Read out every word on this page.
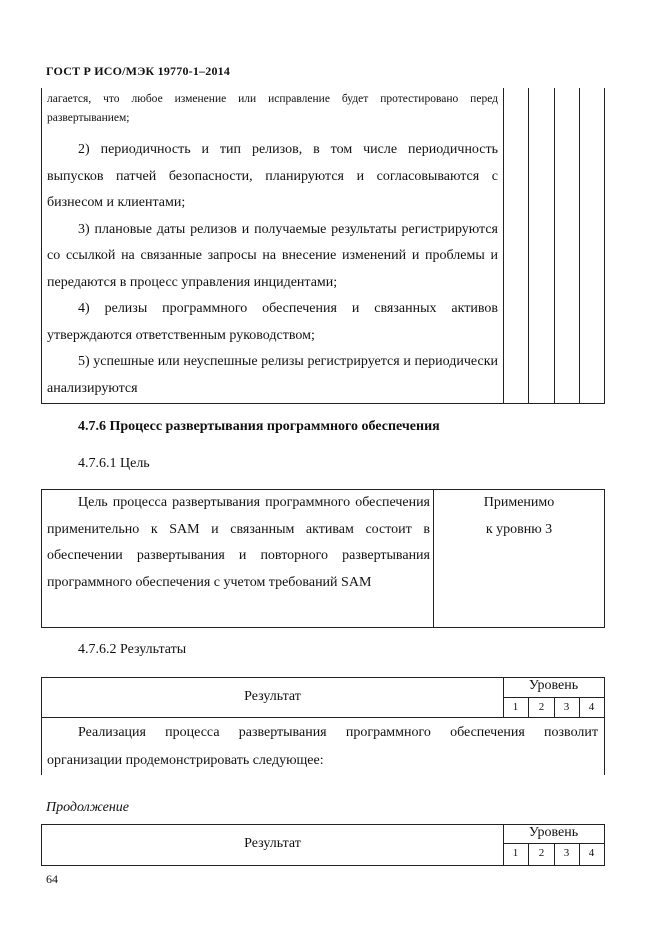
ГОСТ Р ИСО/МЭК 19770-1–2014

лагается, что любое изменение или исправление будет протестировано перед развертыванием;

2) периодичность и тип релизов, в том числе периодичность выпусков патчей безопасности, планируются и согласовываются с бизнесом и клиентами;

3) плановые даты релизов и получаемые результаты регистрируются со ссылкой на связанные запросы на внесение изменений и проблемы и передаются в процесс управления инцидентами;

4) релизы программного обеспечения и связанных активов утверждаются ответственным руководством;

5) успешные или неуспешные релизы регистрируется и периодически анализируются

4.7.6 Процесс развертывания программного обеспечения
4.7.6.1 Цель

Цель процесса развертывания программного обеспечения применительно к SAM и связанным активам состоит в обеспечении развертывания и повторного развертывания программного обеспечения с учетом требований SAM

Применимо
к уровню 3
4.7.6.2 Результаты
Результат
Уровень
1	2	3	4

Реализация процесса развертывания программного обеспечения позволит организации продемонстрировать следующее:

Продолжение
Результат
Уровень
1	2	3	4
64
